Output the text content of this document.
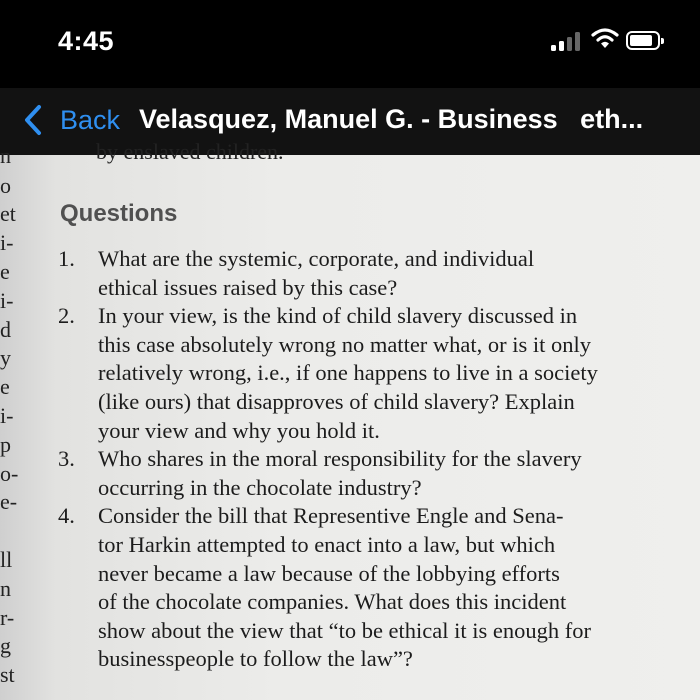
4:45
Back Velasquez, Manuel G. - Business   eth...
n
o
et
i-
e
i-
d
y
e
i-
p
o-
e-
ll
n
r-
g
st
by enslaved children.
Questions
1. What are the systemic, corporate, and individual
ethical issues raised by this case?
2. In your view, is the kind of child slavery discussed in
this case absolutely wrong no matter what, or is it only
relatively wrong, i.e., if one happens to live in a society
(like ours) that disapproves of child slavery? Explain
your view and why you hold it.
3. Who shares in the moral responsibility for the slavery
occurring in the chocolate industry?
4. Consider the bill that Representive Engle and Sena-
tor Harkin attempted to enact into a law, but which
never became a law because of the lobbying efforts
of the chocolate companies. What does this incident
show about the view that “to be ethical it is enough for
businesspeople to follow the law”?
